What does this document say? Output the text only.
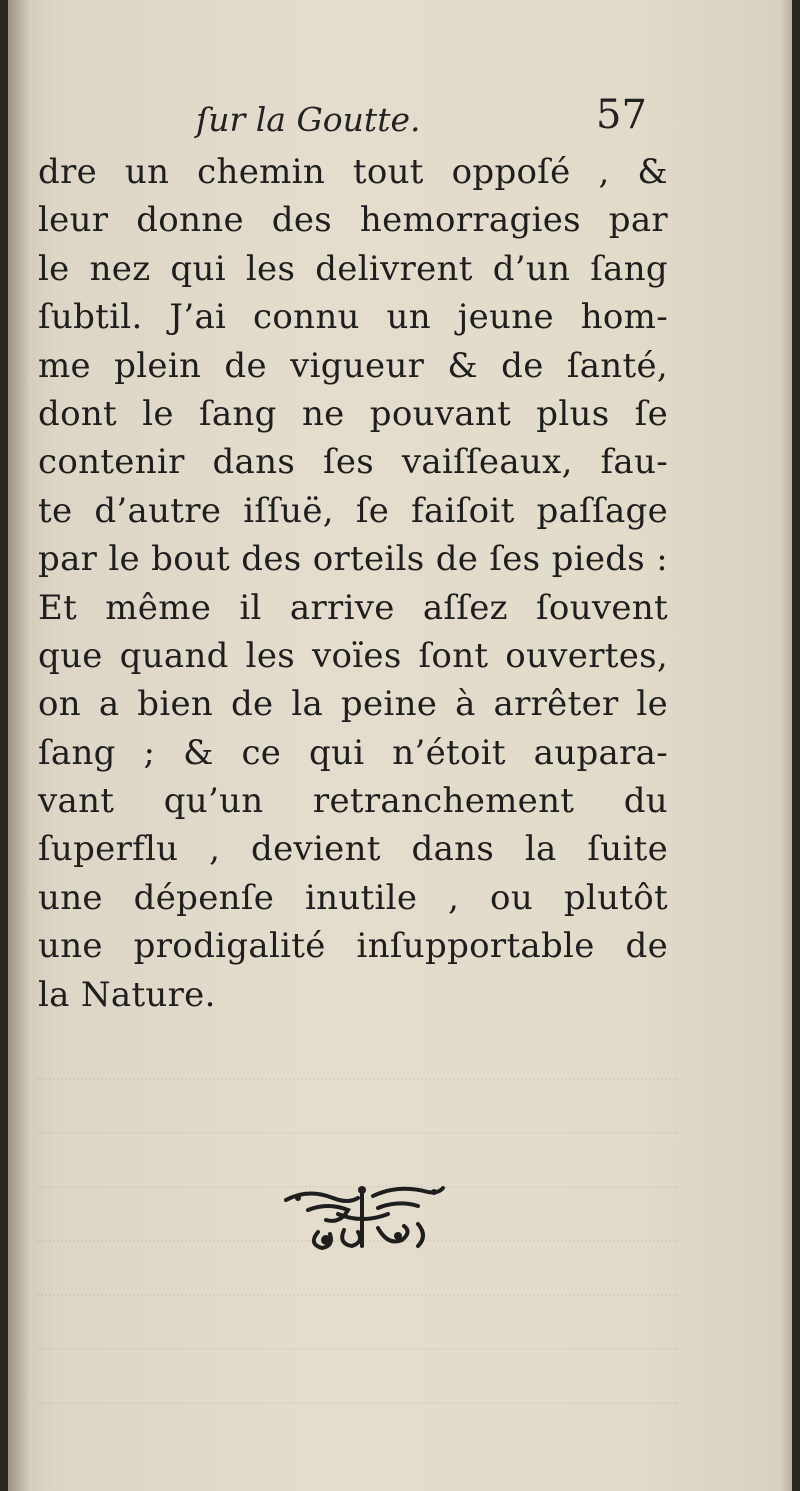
ſur la Goutte.	57
dre un chemin tout oppoſé , &
leur donne des hemorragies par
le nez qui les delivrent d’un ſang
ſubtil. J’ai connu un jeune hom-
me plein de vigueur & de ſanté,
dont le ſang ne pouvant plus ſe
contenir dans ſes vaiſſeaux, fau-
te d’autre iſſuë, ſe faiſoit paſſage
par le bout des orteils de ſes pieds :
Et même il arrive aſſez ſouvent
que quand les voïes ſont ouvertes,
on a bien de la peine à arrêter le
ſang ; & ce qui n’étoit aupara-
vant qu’un retranchement du
ſuperflu , devient dans la ſuite
une dépenſe inutile , ou plutôt
une prodigalité inſupportable de
la Nature.
